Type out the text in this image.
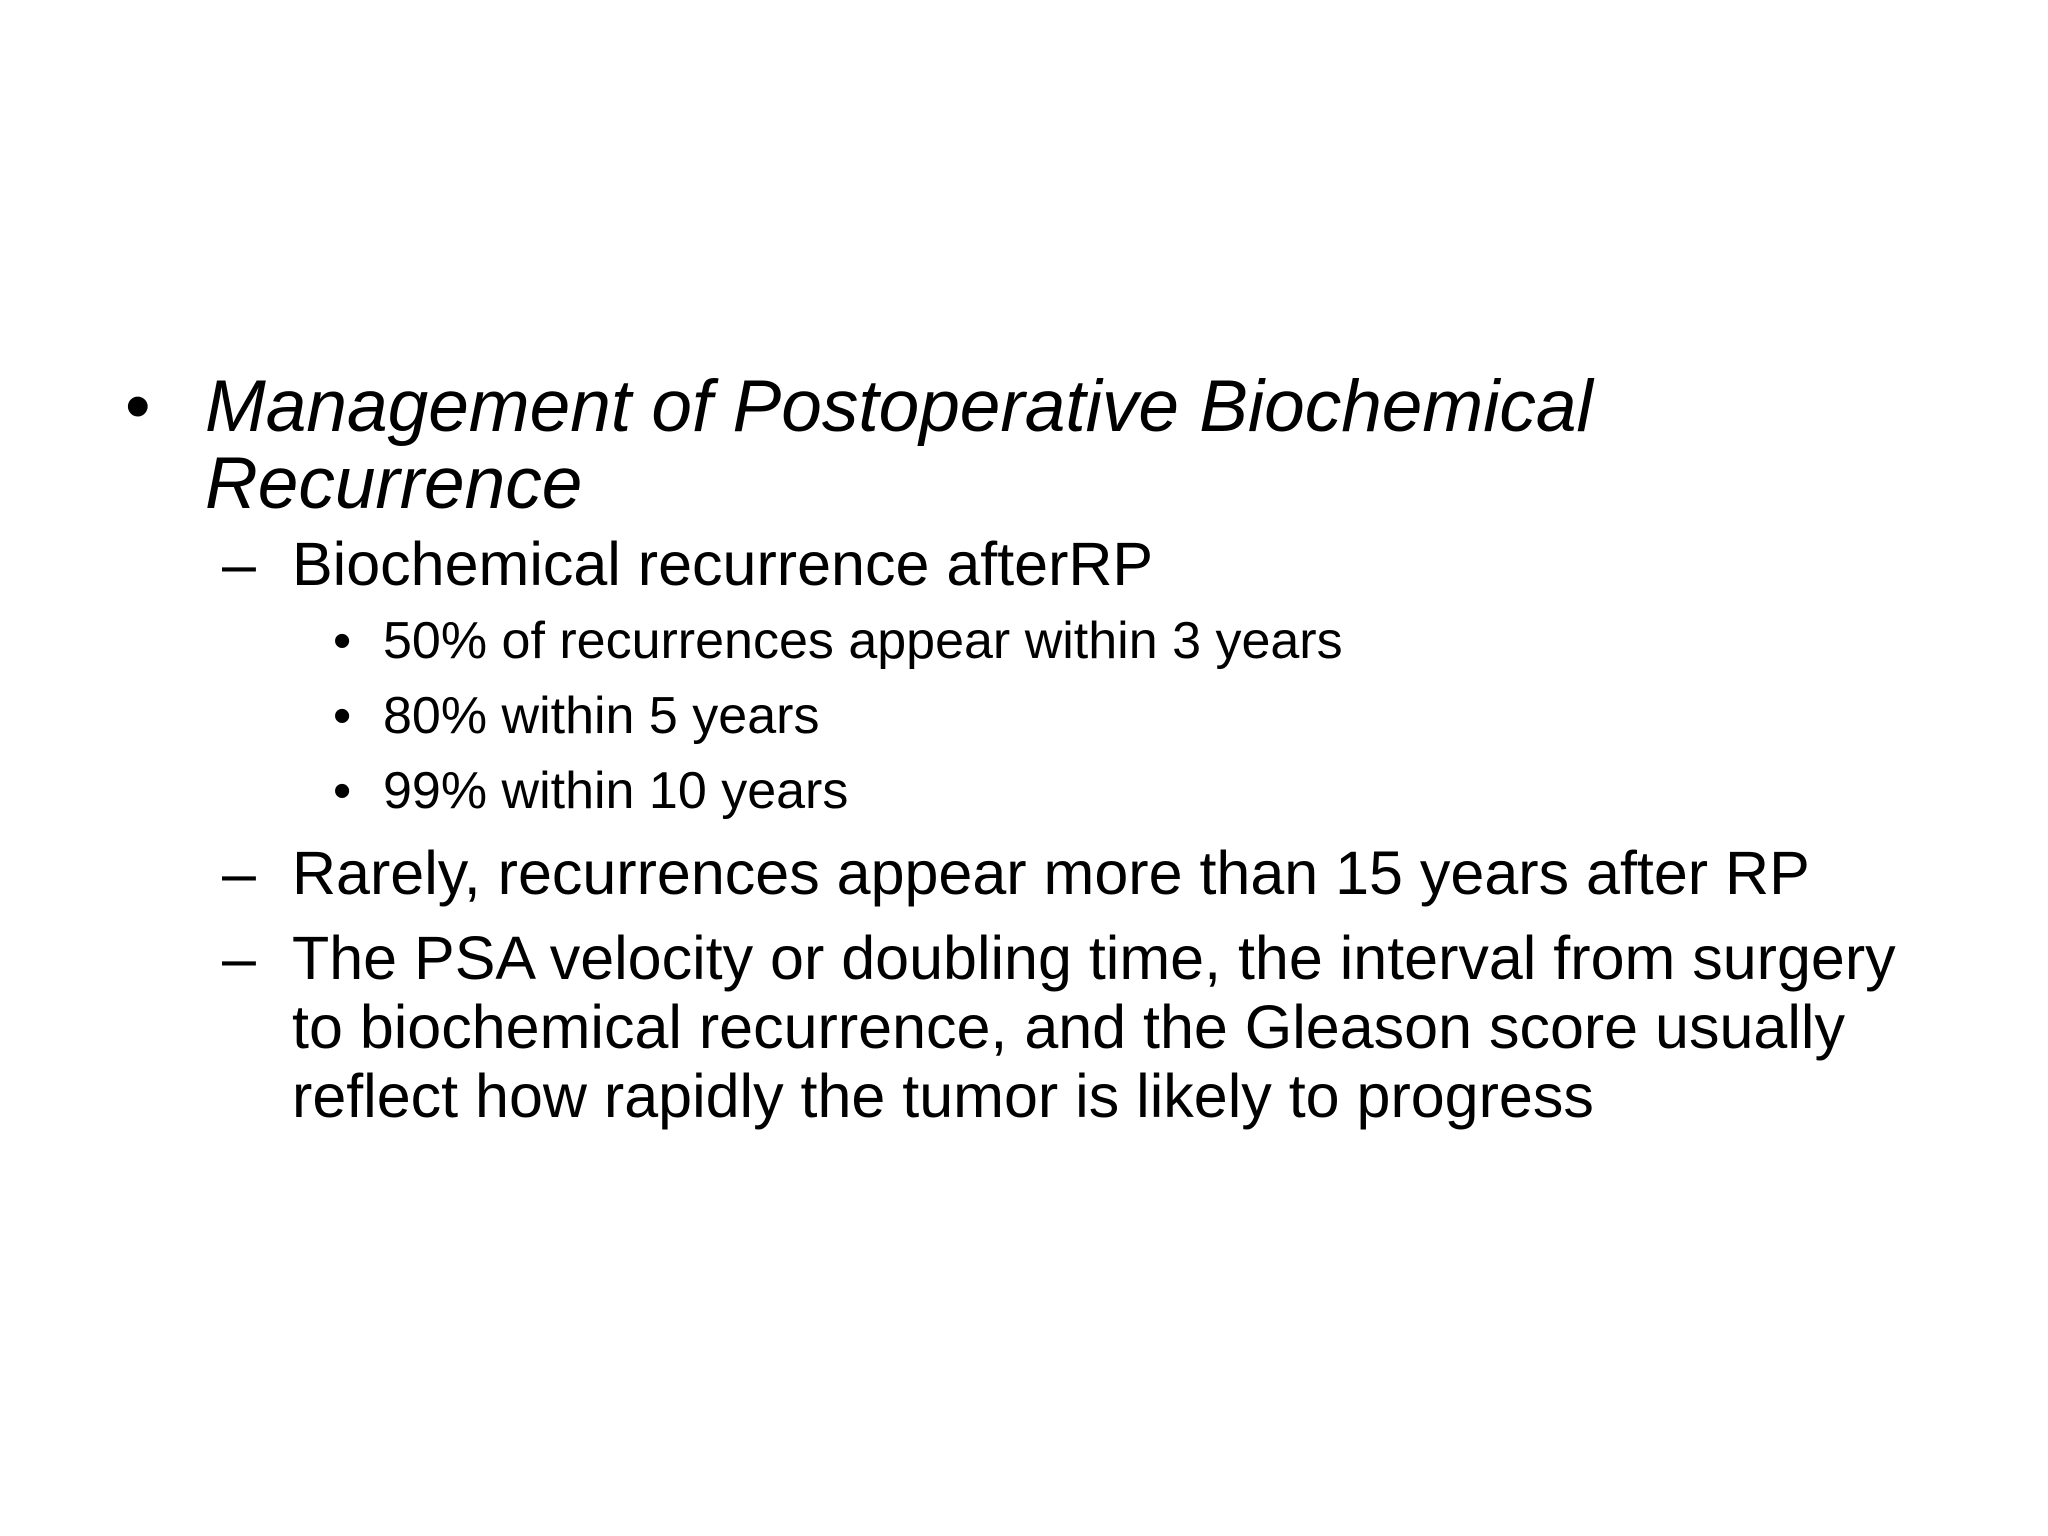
• Management of Postoperative Biochemical Recurrence
– Biochemical recurrence afterRP
• 50% of recurrences appear within 3 years
• 80% within 5 years
• 99% within 10 years
– Rarely, recurrences appear more than 15 years after RP
– The PSA velocity or doubling time, the interval from surgery to biochemical recurrence, and the Gleason score usually reflect how rapidly the tumor is likely to progress
